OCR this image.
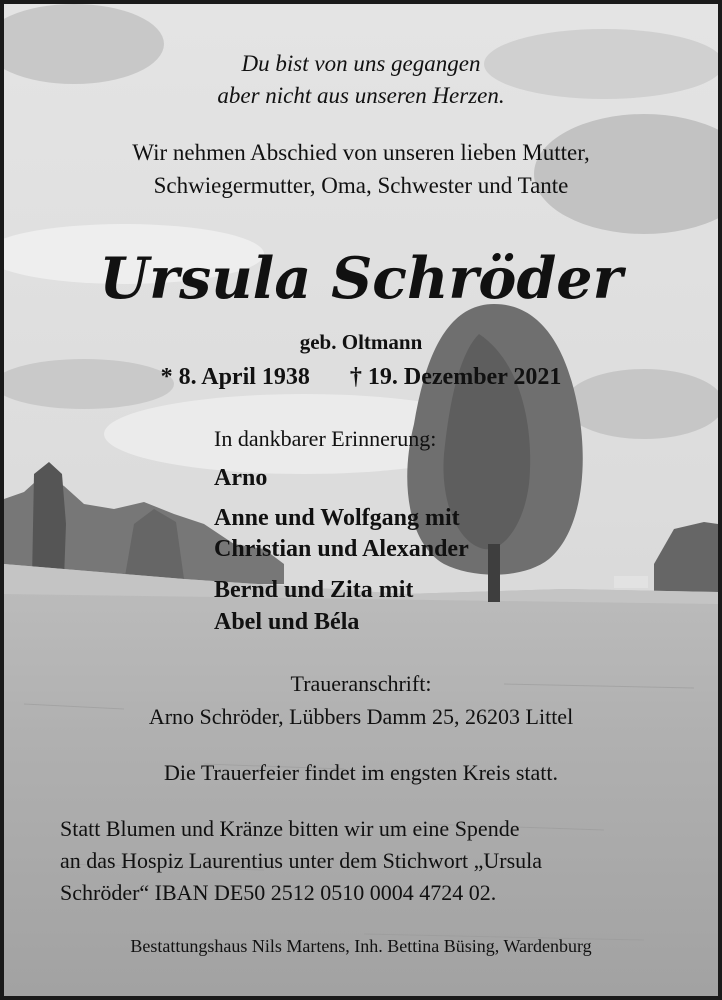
Du bist von uns gegangen
aber nicht aus unseren Herzen.
Wir nehmen Abschied von unseren lieben Mutter,
Schwiegermutter, Oma, Schwester und Tante
Ursula Schröder
geb. Oltmann
* 8. April 1938 † 19. Dezember 2021
In dankbarer Erinnerung:
Arno
Anne und Wolfgang mit
Christian und Alexander
Bernd und Zita mit
Abel und Béla
Traueranschrift:
Arno Schröder, Lübbers Damm 25, 26203 Littel
Die Trauerfeier findet im engsten Kreis statt.
Statt Blumen und Kränze bitten wir um eine Spende
an das Hospiz Laurentius unter dem Stichwort „Ursula
Schröder“ IBAN DE50 2512 0510 0004 4724 02.
Bestattungshaus Nils Martens, Inh. Bettina Büsing, Wardenburg
